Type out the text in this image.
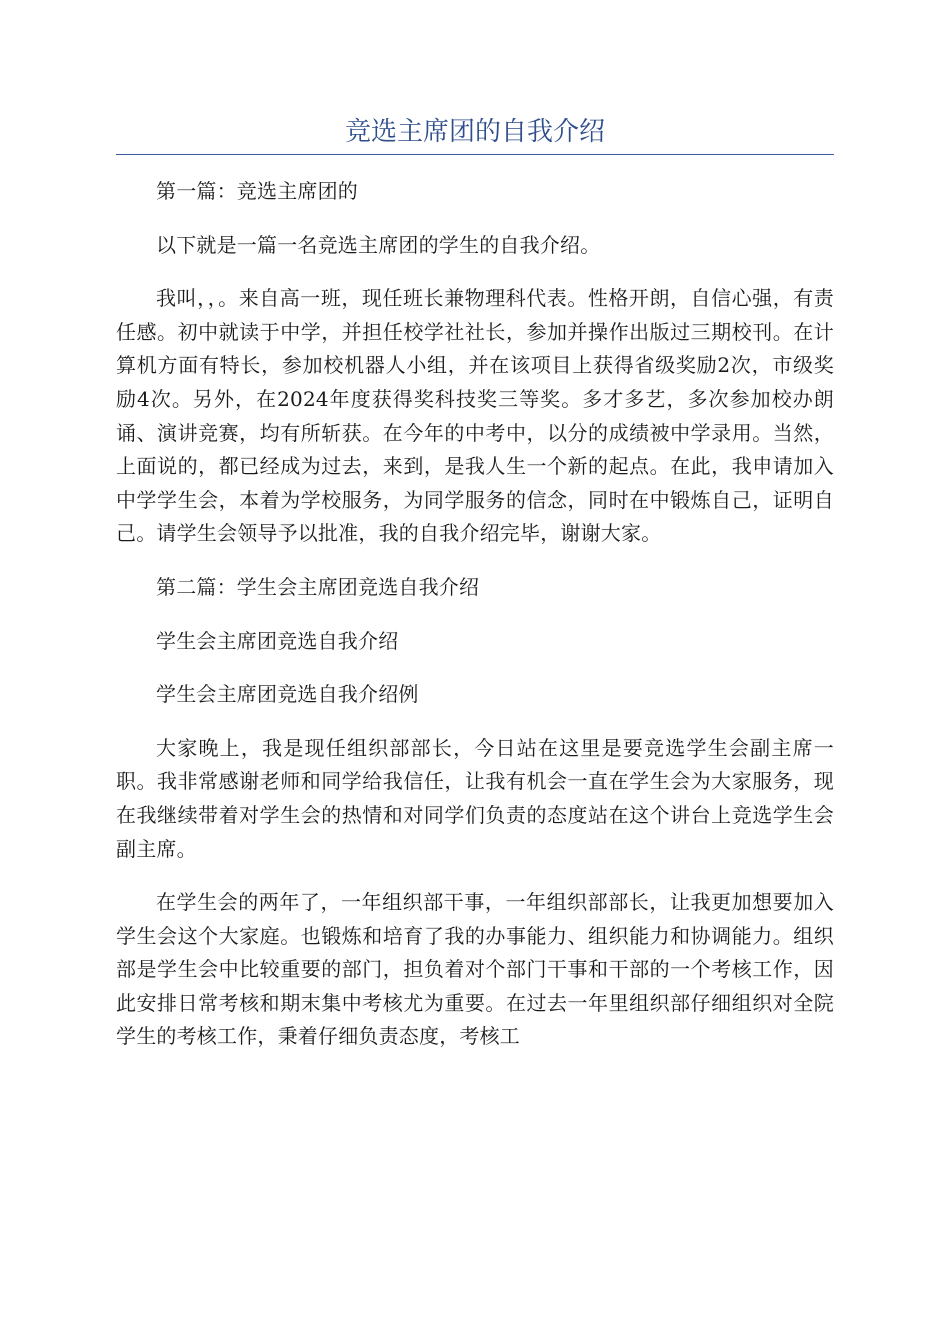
竞选主席团的自我介绍

第一篇：竞选主席团的

以下就是一篇一名竞选主席团的学生的自我介绍。

我叫，，。来自高一班，现任班长兼物理科代表。性格开朗，自信心强，有责任感。初中就读于中学，并担任校学社社长，参加并操作出版过三期校刊。在计算机方面有特长，参加校机器人小组，并在该项目上获得省级奖励2次，市级奖励4次。另外，在2024年度获得奖科技奖三等奖。多才多艺，多次参加校办朗诵、演讲竞赛，均有所斩获。在今年的中考中，以分的成绩被中学录用。当然，上面说的，都已经成为过去，来到，是我人生一个新的起点。在此，我申请加入中学学生会，本着为学校服务，为同学服务的信念，同时在中锻炼自己，证明自己。请学生会领导予以批准，我的自我介绍完毕，谢谢大家。

第二篇：学生会主席团竞选自我介绍

学生会主席团竞选自我介绍

学生会主席团竞选自我介绍例

大家晚上，我是现任组织部部长，今日站在这里是要竞选学生会副主席一职。我非常感谢老师和同学给我信任，让我有机会一直在学生会为大家服务，现在我继续带着对学生会的热情和对同学们负责的态度站在这个讲台上竞选学生会副主席。

在学生会的两年了，一年组织部干事，一年组织部部长，让我更加想要加入学生会这个大家庭。也锻炼和培育了我的办事能力、组织能力和协调能力。组织部是学生会中比较重要的部门，担负着对个部门干事和干部的一个考核工作，因此安排日常考核和期末集中考核尤为重要。在过去一年里组织部仔细组织对全院学生的考核工作，秉着仔细负责态度，考核工
